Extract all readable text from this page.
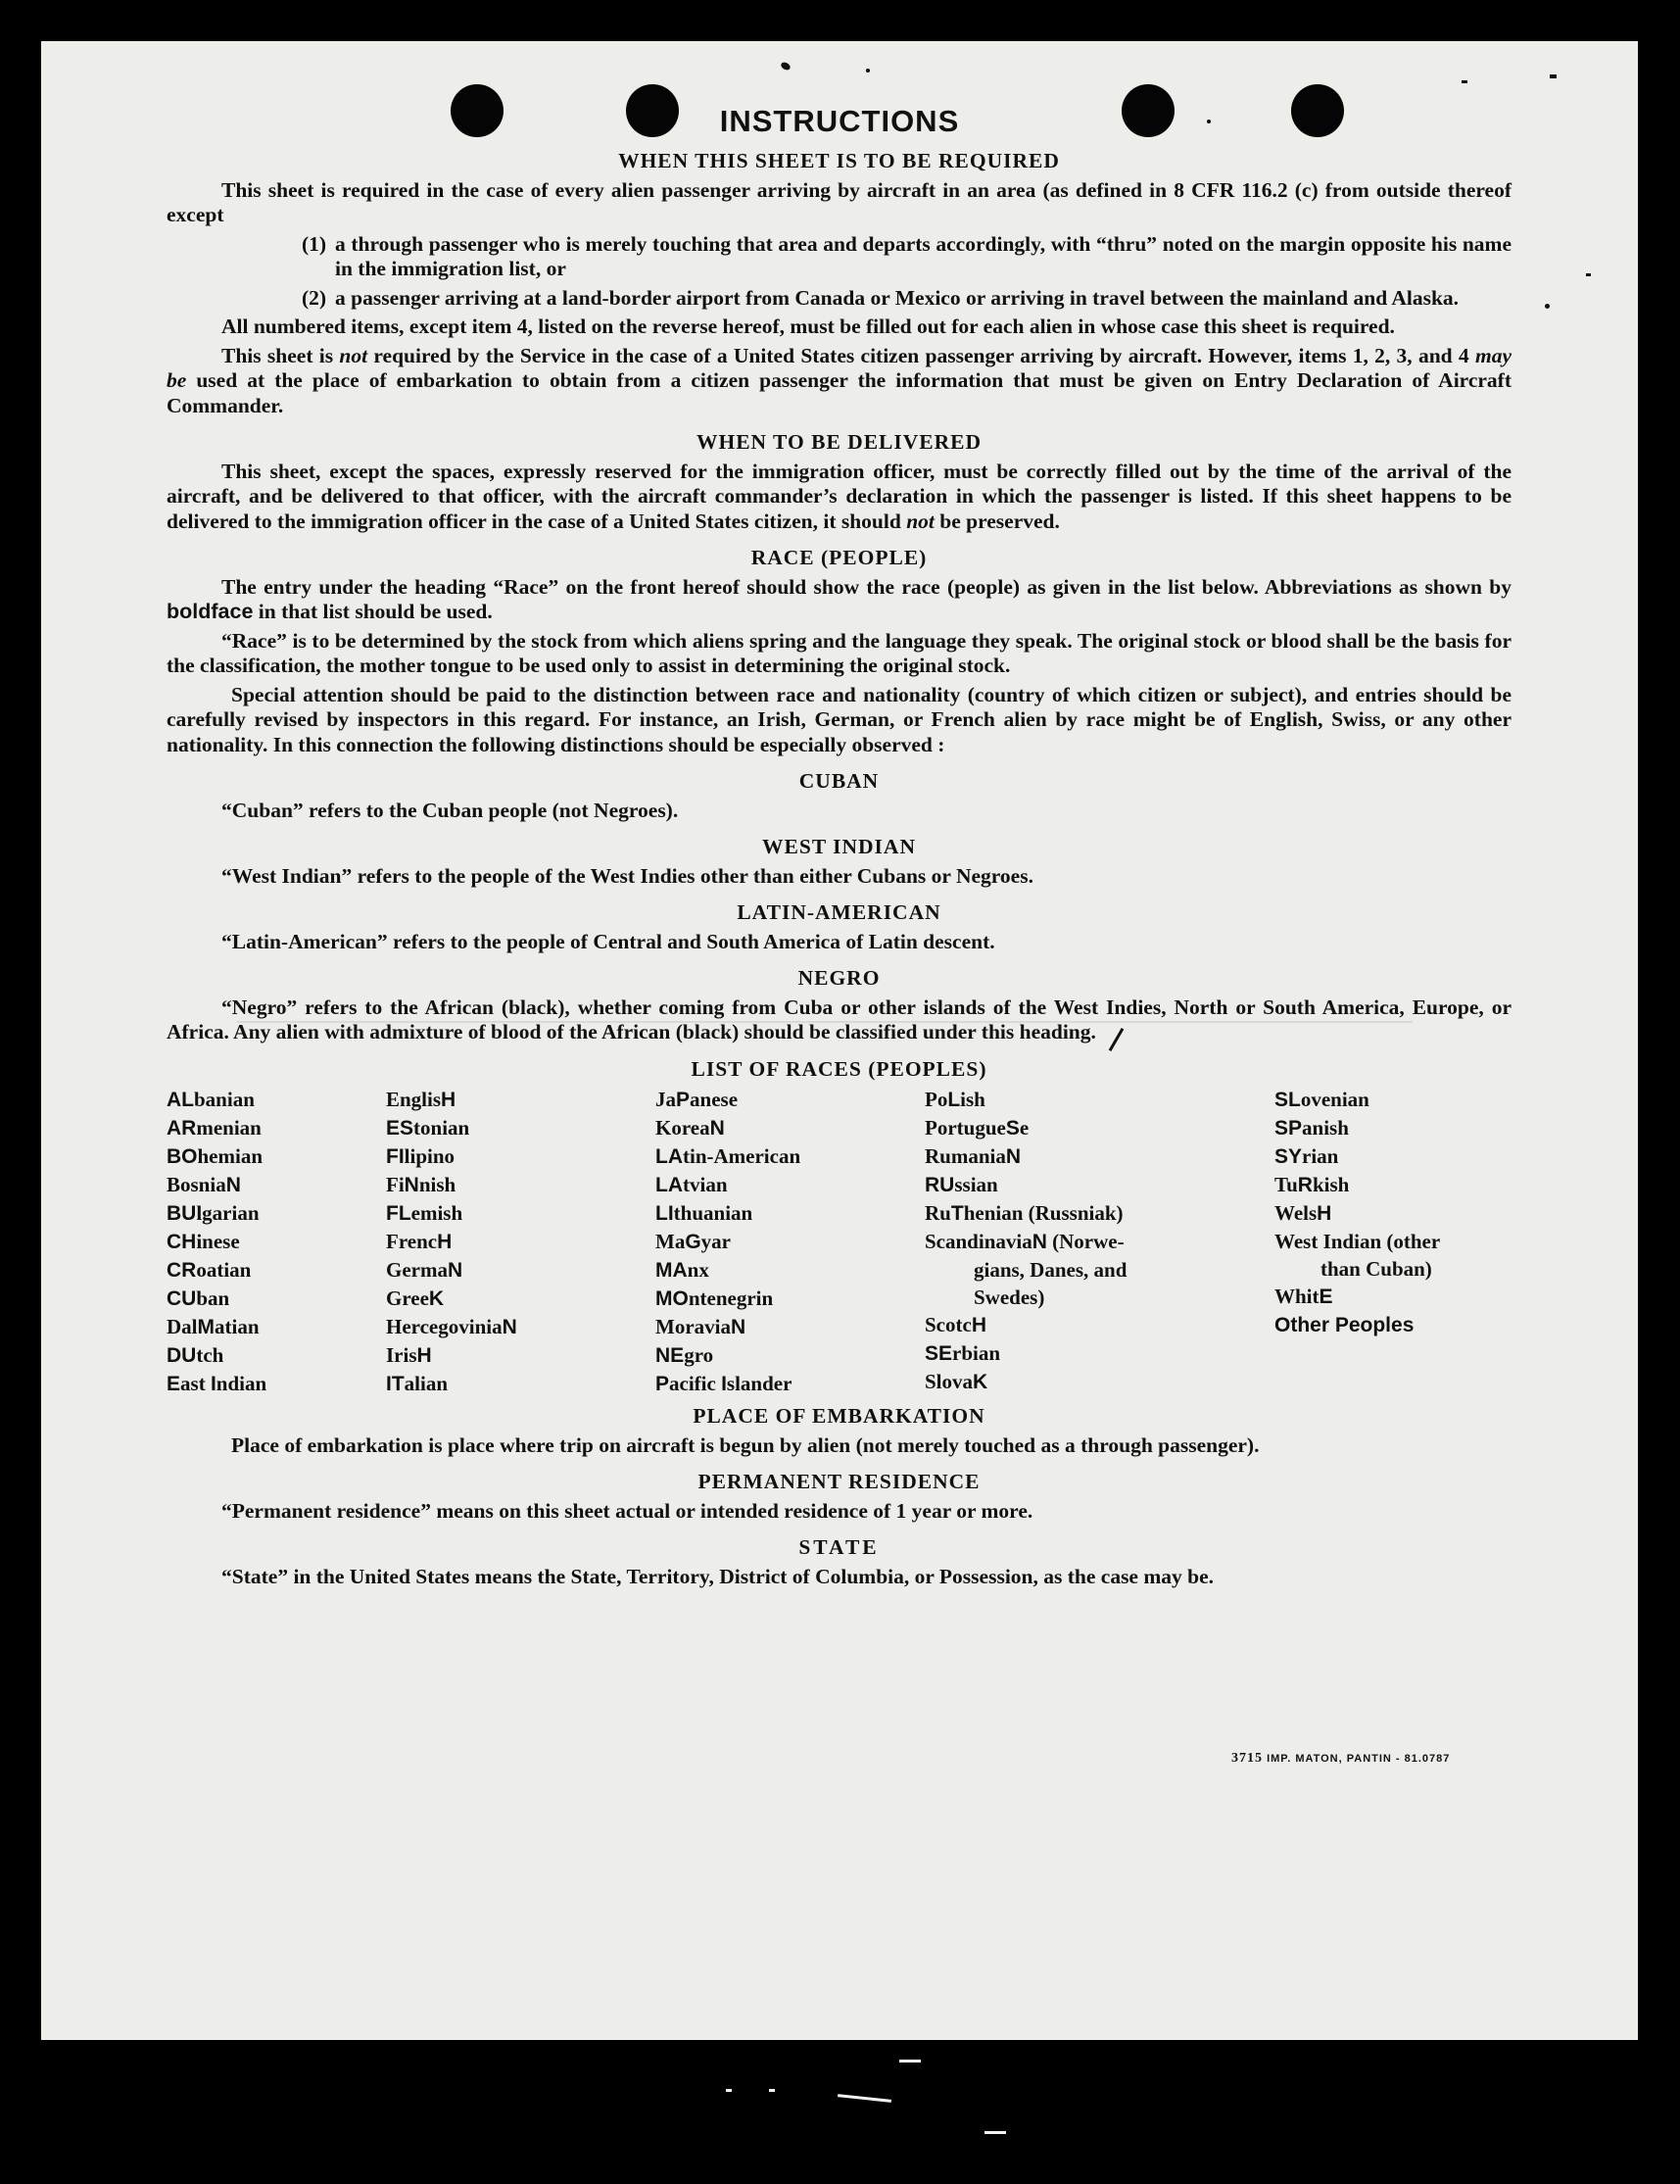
INSTRUCTIONS
WHEN THIS SHEET IS TO BE REQUIRED

This sheet is required in the case of every alien passenger arriving by aircraft in an area (as defined in 8 CFR 116.2 (c) from outside thereof except

(1) a through passenger who is merely touching that area and departs accordingly, with “thru” noted on the margin opposite his name in the immigration list, or
(2) a passenger arriving at a land-border airport from Canada or Mexico or arriving in travel between the mainland and Alaska.

All numbered items, except item 4, listed on the reverse hereof, must be filled out for each alien in whose case this sheet is required.

This sheet is not required by the Service in the case of a United States citizen passenger arriving by aircraft. However, items 1, 2, 3, and 4 may be used at the place of embarkation to obtain from a citizen passenger the information that must be given on Entry Declaration of Aircraft Commander.

WHEN TO BE DELIVERED

This sheet, except the spaces, expressly reserved for the immigration officer, must be correctly filled out by the time of the arrival of the aircraft, and be delivered to that officer, with the aircraft commander’s declaration in which the passenger is listed. If this sheet happens to be delivered to the immigration officer in the case of a United States citizen, it should not be preserved.

RACE (PEOPLE)

The entry under the heading “Race” on the front hereof should show the race (people) as given in the list below. Abbreviations as shown by boldface in that list should be used.

“Race” is to be determined by the stock from which aliens spring and the language they speak. The original stock or blood shall be the basis for the classification, the mother tongue to be used only to assist in determining the original stock.

Special attention should be paid to the distinction between race and nationality (country of which citizen or subject), and entries should be carefully revised by inspectors in this regard. For instance, an Irish, German, or French alien by race might be of English, Swiss, or any other nationality. In this connection the following distinctions should be especially observed :

CUBAN

“Cuban” refers to the Cuban people (not Negroes).

WEST INDIAN

“West Indian” refers to the people of the West Indies other than either Cubans or Negroes.

LATIN-AMERICAN

“Latin-American” refers to the people of Central and South America of Latin descent.

NEGRO

“Negro” refers to the African (black), whether coming from Cuba or other islands of the West Indies, North or South America, Europe, or Africa. Any alien with admixture of blood of the African (black) should be classified under this heading.

LIST OF RACES (PEOPLES)
ALbanian
ARmenian
BOhemian
BosniaN
BUlgarian
CHinese
CRoatian
CUban
DalMatian
DUtch
East Indian
EnglisH
EStonian
FIlipino
FiNnish
FLemish
FrencH
GermaN
GreeK
HercegoviniaN
IrisH
ITalian
JaPanese
KoreaN
LAtin-American
LAtvian
LIthuanian
MaGyar
MAnx
MOntenegrin
MoraviaN
NEgro
Pacific Islander
PoLish
PortugueSe
RumaniaN
RUssian
RuThenian (Russniak)
ScandinaviaN (Norwe-
gians, Danes, and
Swedes)
ScotcH
SErbian
SlovaK
SLovenian
SPanish
SYrian
TuRkish
WelsH
West Indian (other
than Cuban)
WhitE
Other Peoples
PLACE OF EMBARKATION

Place of embarkation is place where trip on aircraft is begun by alien (not merely touched as a through passenger).

PERMANENT RESIDENCE

“Permanent residence” means on this sheet actual or intended residence of 1 year or more.

STATE

“State” in the United States means the State, Territory, District of Columbia, or Possession, as the case may be.

3715 IMP. MATON, PANTIN - 81.0787
